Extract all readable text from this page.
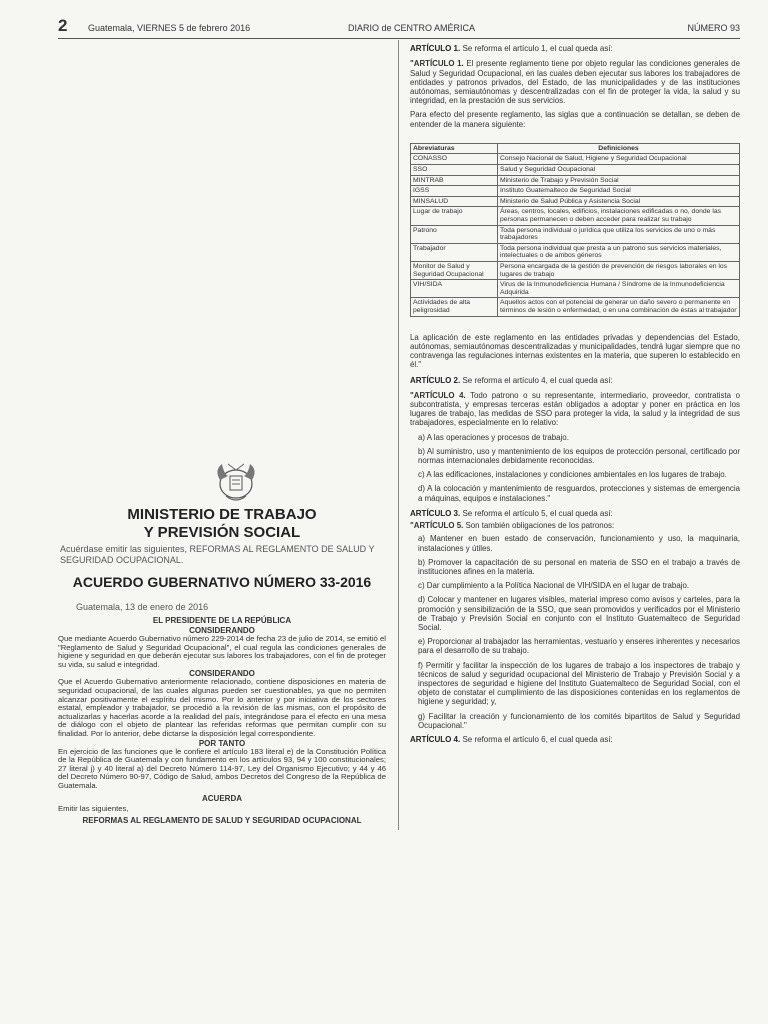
2 Guatemala, VIERNES 5 de febrero 2016	DIARIO de CENTRO AMÉRICA	NÚMERO 93
MINISTERIO DE TRABAJO
Y PREVISIÓN SOCIAL
Acuérdase emitir las siguientes, REFORMAS AL REGLAMENTO DE SALUD Y SEGURIDAD OCUPACIONAL.
ACUERDO GUBERNATIVO NÚMERO 33-2016
Guatemala, 13 de enero de 2016
EL PRESIDENTE DE LA REPÚBLICA
CONSIDERANDO
Que mediante Acuerdo Gubernativo número 229-2014 de fecha 23 de julio de 2014, se emitió el "Reglamento de Salud y Seguridad Ocupacional", el cual regula las condiciones generales de higiene y seguridad en que deberán ejecutar sus labores los trabajadores, con el fin de proteger su vida, su salud e integridad.
CONSIDERANDO
Que el Acuerdo Gubernativo anteriormente relacionado, contiene disposiciones en materia de seguridad ocupacional, de las cuales algunas pueden ser cuestionables, ya que no permiten alcanzar positivamente el espíritu del mismo. Por lo anterior y por iniciativa de los sectores estatal, empleador y trabajador, se procedió a la revisión de las mismas, con el propósito de actualizarlas y hacerlas acorde a la realidad del país, integrándose para el efecto en una mesa de diálogo con el objeto de plantear las referidas reformas que permitan cumplir con su finalidad. Por lo anterior, debe dictarse la disposición legal correspondiente.
POR TANTO
En ejercicio de las funciones que le confiere el artículo 183 literal e) de la Constitución Política de la República de Guatemala y con fundamento en los artículos 93, 94 y 100 constitucionales; 27 literal j) y 40 literal a) del Decreto Número 114-97, Ley del Organismo Ejecutivo; y 44 y 46 del Decreto Número 90-97, Código de Salud, ambos Decretos del Congreso de la República de Guatemala.
ACUERDA
Emitir las siguientes,
REFORMAS AL REGLAMENTO DE SALUD Y SEGURIDAD OCUPACIONAL
ARTÍCULO 1. Se reforma el artículo 1, el cual queda así:
"ARTÍCULO 1. El presente reglamento tiene por objeto regular las condiciones generales de Salud y Seguridad Ocupacional, en las cuales deben ejecutar sus labores los trabajadores de entidades y patronos privados, del Estado, de las municipalidades y de las instituciones autónomas, semiautónomas y descentralizadas con el fin de proteger la vida, la salud y su integridad, en la prestación de sus servicios.
Para efecto del presente reglamento, las siglas que a continuación se detallan, se deben de entender de la manera siguiente:
Abreviaturas	Definiciones
CONASSO	Consejo Nacional de Salud, Higiene y Seguridad Ocupacional
SSO	Salud y Seguridad Ocupacional
MINTRAB	Ministerio de Trabajo y Previsión Social
IGSS	Instituto Guatemalteco de Seguridad Social
MINSALUD	Ministerio de Salud Pública y Asistencia Social
Lugar de trabajo	Áreas, centros, locales, edificios, instalaciones edificadas o no, donde las personas permanecen o deben acceder para realizar su trabajo
Patrono	Toda persona individual o jurídica que utiliza los servicios de uno o más trabajadores
Trabajador	Toda persona individual que presta a un patrono sus servicios materiales, intelectuales o de ambos géneros
Monitor de Salud y Seguridad Ocupacional	Persona encargada de la gestión de prevención de riesgos laborales en los lugares de trabajo
VIH/SIDA	Virus de la Inmunodeficiencia Humana / Síndrome de la Inmunodeficiencia Adquirida
Actividades de alta peligrosidad	Aquellos actos con el potencial de generar un daño severo o permanente en términos de lesión o enfermedad, o en una combinación de éstas al trabajador
La aplicación de este reglamento en las entidades privadas y dependencias del Estado, autónomas, semiautónomas descentralizadas y municipalidades, tendrá lugar siempre que no contravenga las regulaciones internas existentes en la materia, que superen lo establecido en él."
ARTÍCULO 2. Se reforma el artículo 4, el cual queda así:
"ARTÍCULO 4. Todo patrono o su representante, intermediario, proveedor, contratista o subcontratista, y empresas terceras están obligados a adoptar y poner en práctica en los lugares de trabajo, las medidas de SSO para proteger la vida, la salud y la integridad de sus trabajadores, especialmente en lo relativo:
a) A las operaciones y procesos de trabajo.
b) Al suministro, uso y mantenimiento de los equipos de protección personal, certificado por normas internacionales debidamente reconocidas.
c) A las edificaciones, instalaciones y condiciones ambientales en los lugares de trabajo.
d) A la colocación y mantenimiento de resguardos, protecciones y sistemas de emergencia a máquinas, equipos e instalaciones."
ARTÍCULO 3. Se reforma el artículo 5, el cual queda así:
"ARTÍCULO 5. Son también obligaciones de los patronos:
a) Mantener en buen estado de conservación, funcionamiento y uso, la maquinaria, instalaciones y útiles.
b) Promover la capacitación de su personal en materia de SSO en el trabajo a través de instituciones afines en la materia.
c) Dar cumplimiento a la Política Nacional de VIH/SIDA en el lugar de trabajo.
d) Colocar y mantener en lugares visibles, material impreso como avisos y carteles, para la promoción y sensibilización de la SSO, que sean promovidos y verificados por el Ministerio de Trabajo y Previsión Social en conjunto con el Instituto Guatemalteco de Seguridad Social.
e) Proporcionar al trabajador las herramientas, vestuario y enseres inherentes y necesarios para el desarrollo de su trabajo.
f) Permitir y facilitar la inspección de los lugares de trabajo a los inspectores de trabajo y técnicos de salud y seguridad ocupacional del Ministerio de Trabajo y Previsión Social y a inspectores de seguridad e higiene del Instituto Guatemalteco de Seguridad Social, con el objeto de constatar el cumplimiento de las disposiciones contenidas en los reglamentos de higiene y seguridad; y,
g) Facilitar la creación y funcionamiento de los comités bipartitos de Salud y Seguridad Ocupacional."
ARTÍCULO 4. Se reforma el artículo 6, el cual queda así:
